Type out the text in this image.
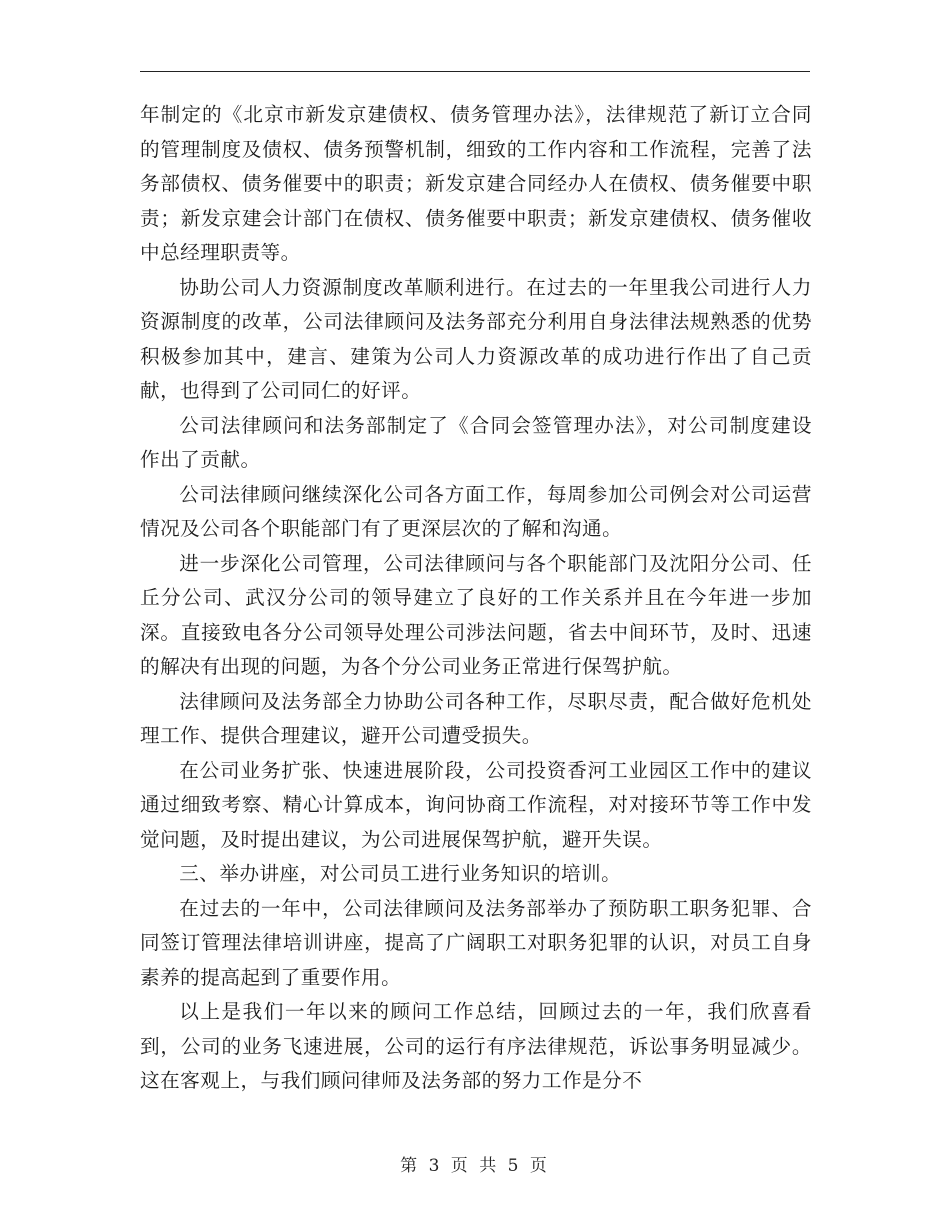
年制定的《北京市新发京建债权、债务管理办法》，法律规范了新订立合同的管理制度及债权、债务预警机制，细致的工作内容和工作流程，完善了法务部债权、债务催要中的职责；新发京建合同经办人在债权、债务催要中职责；新发京建会计部门在债权、债务催要中职责；新发京建债权、债务催收中总经理职责等。

协助公司人力资源制度改革顺利进行。在过去的一年里我公司进行人力资源制度的改革，公司法律顾问及法务部充分利用自身法律法规熟悉的优势积极参加其中，建言、建策为公司人力资源改革的成功进行作出了自己贡献，也得到了公司同仁的好评。

公司法律顾问和法务部制定了《合同会签管理办法》，对公司制度建设作出了贡献。

公司法律顾问继续深化公司各方面工作，每周参加公司例会对公司运营情况及公司各个职能部门有了更深层次的了解和沟通。

进一步深化公司管理，公司法律顾问与各个职能部门及沈阳分公司、任丘分公司、武汉分公司的领导建立了良好的工作关系并且在今年进一步加深。直接致电各分公司领导处理公司涉法问题，省去中间环节，及时、迅速的解决有出现的问题，为各个分公司业务正常进行保驾护航。

法律顾问及法务部全力协助公司各种工作，尽职尽责，配合做好危机处理工作、提供合理建议，避开公司遭受损失。

在公司业务扩张、快速进展阶段，公司投资香河工业园区工作中的建议通过细致考察、精心计算成本，询问协商工作流程，对对接环节等工作中发觉问题，及时提出建议，为公司进展保驾护航，避开失误。

三、举办讲座，对公司员工进行业务知识的培训。

在过去的一年中，公司法律顾问及法务部举办了预防职工职务犯罪、合同签订管理法律培训讲座，提高了广阔职工对职务犯罪的认识，对员工自身素养的提高起到了重要作用。

以上是我们一年以来的顾问工作总结，回顾过去的一年，我们欣喜看到，公司的业务飞速进展，公司的运行有序法律规范，诉讼事务明显减少。这在客观上，与我们顾问律师及法务部的努力工作是分不

第 3 页 共 5 页
